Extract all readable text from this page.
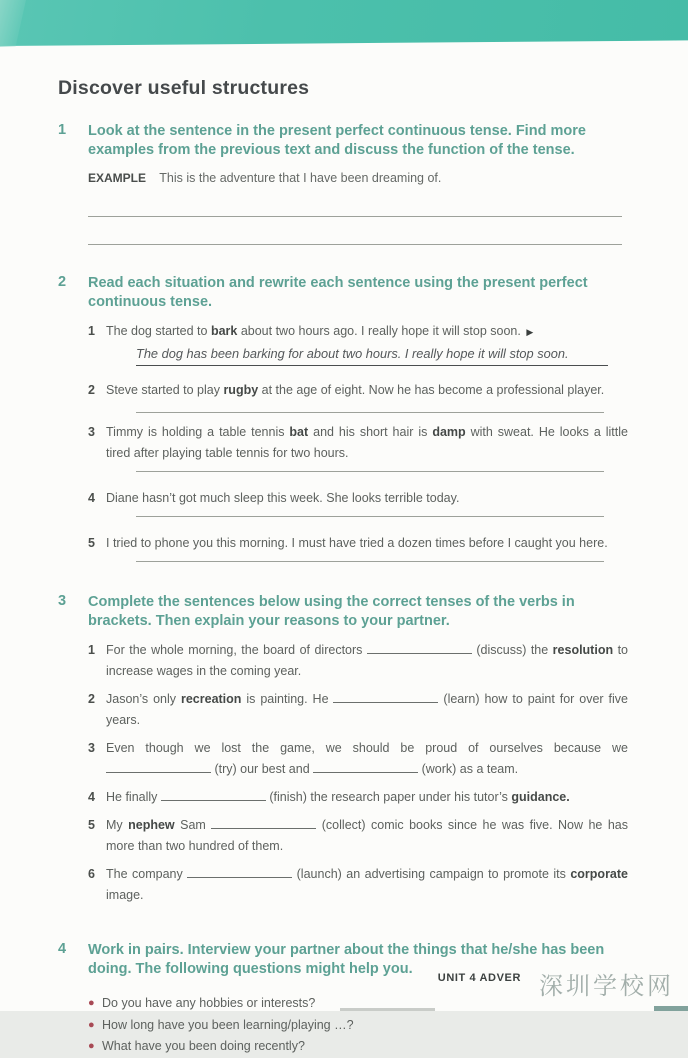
Discover useful structures
1	Look at the sentence in the present perfect continuous tense. Find more examples from the previous text and discuss the function of the tense.
EXAMPLE This is the adventure that I have been dreaming of.
2	Read each situation and rewrite each sentence using the present perfect continuous tense.
1 The dog started to bark about two hours ago. I really hope it will stop soon. ▶
The dog has been barking for about two hours. I really hope it will stop soon.
2 Steve started to play rugby at the age of eight. Now he has become a professional player.
3 Timmy is holding a table tennis bat and his short hair is damp with sweat. He looks a little tired after playing table tennis for two hours.
4 Diane hasn’t got much sleep this week. She looks terrible today.
5 I tried to phone you this morning. I must have tried a dozen times before I caught you here.
3	Complete the sentences below using the correct tenses of the verbs in brackets. Then explain your reasons to your partner.
1 For the whole morning, the board of directors	(discuss) the resolution to increase wages in the coming year.
2 Jason’s only recreation is painting. He	(learn) how to paint for over five years.
3 Even though we lost the game, we should be proud of ourselves because we  (try) our best and	(work) as a team.
4 He finally	(finish) the research paper under his tutor’s guidance.
5 My nephew Sam	(collect) comic books since he was five. Now he has more than two hundred of them.
6 The company	(launch) an advertising campaign to promote its corporate image.
4	Work in pairs. Interview your partner about the things that he/she has been doing. The following questions might help you.
● Do you have any hobbies or interests?
● How long have you been learning/playing …?
● What have you been doing recently?
UNIT 4 ADVER 深圳学校网
